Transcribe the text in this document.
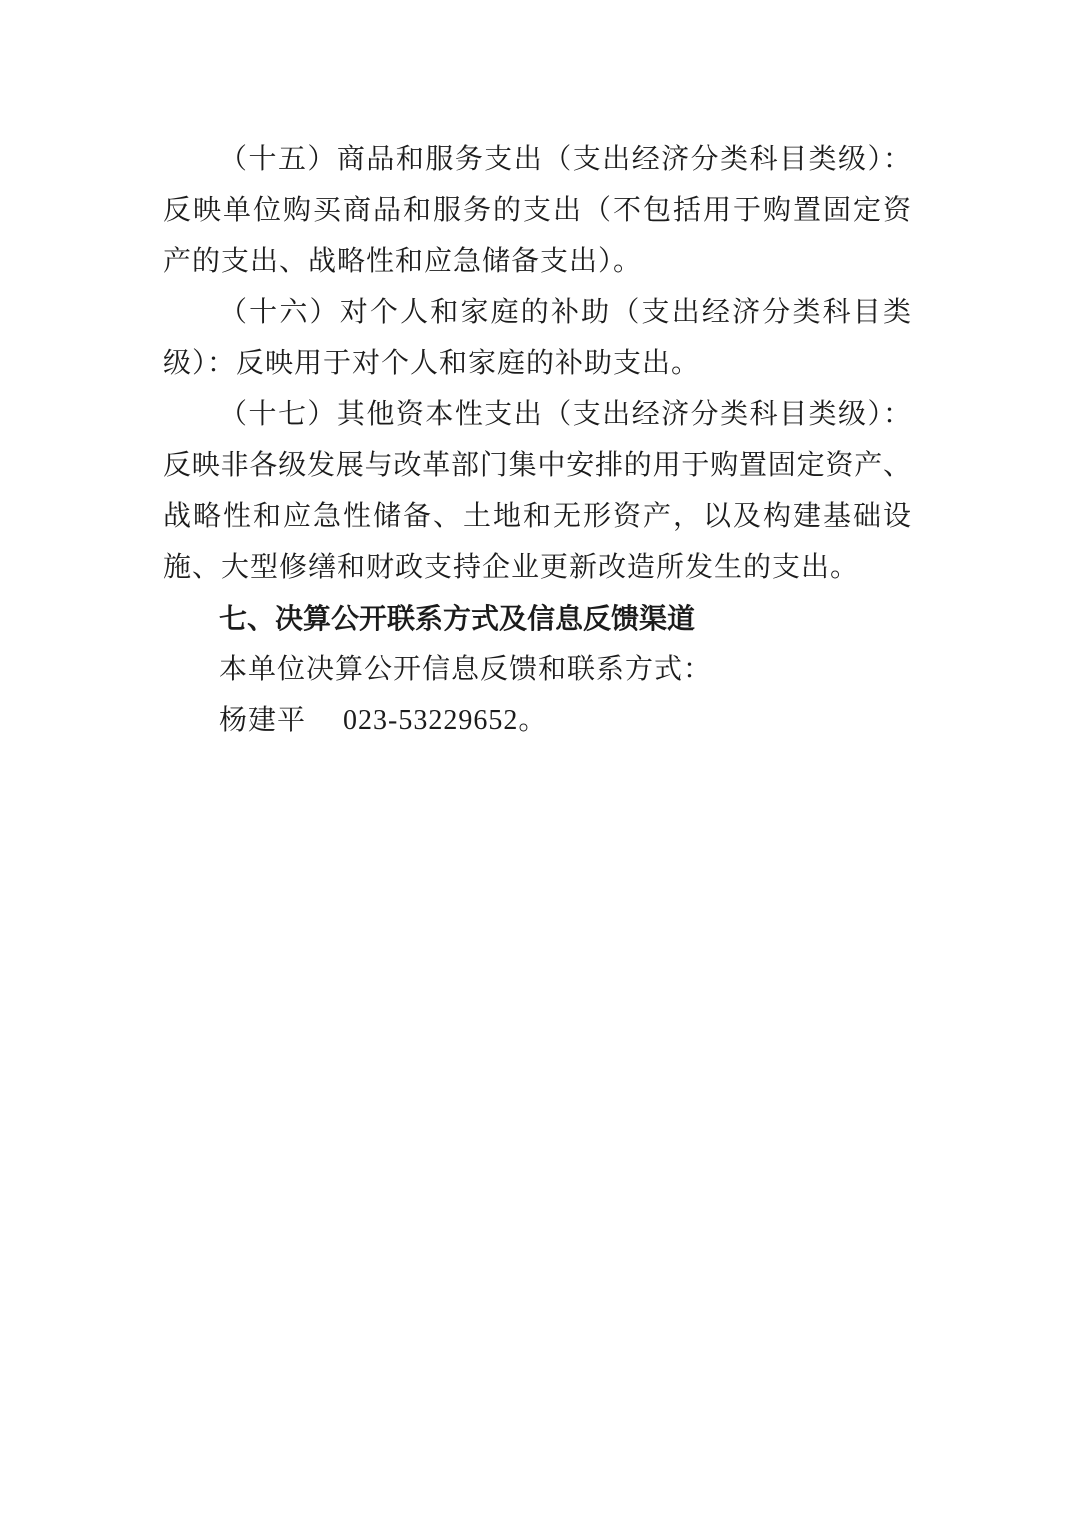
（十五）商品和服务支出（支出经济分类科目类级）：

反映单位购买商品和服务的支出（不包括用于购置固定资

产的支出、战略性和应急储备支出）。

（十六）对个人和家庭的补助（支出经济分类科目类

级）：反映用于对个人和家庭的补助支出。

（十七）其他资本性支出（支出经济分类科目类级）：

反映非各级发展与改革部门集中安排的用于购置固定资产、

战略性和应急性储备、土地和无形资产，以及构建基础设

施、大型修缮和财政支持企业更新改造所发生的支出。

七、决算公开联系方式及信息反馈渠道

本单位决算公开信息反馈和联系方式：

杨建平 023-53229652。
